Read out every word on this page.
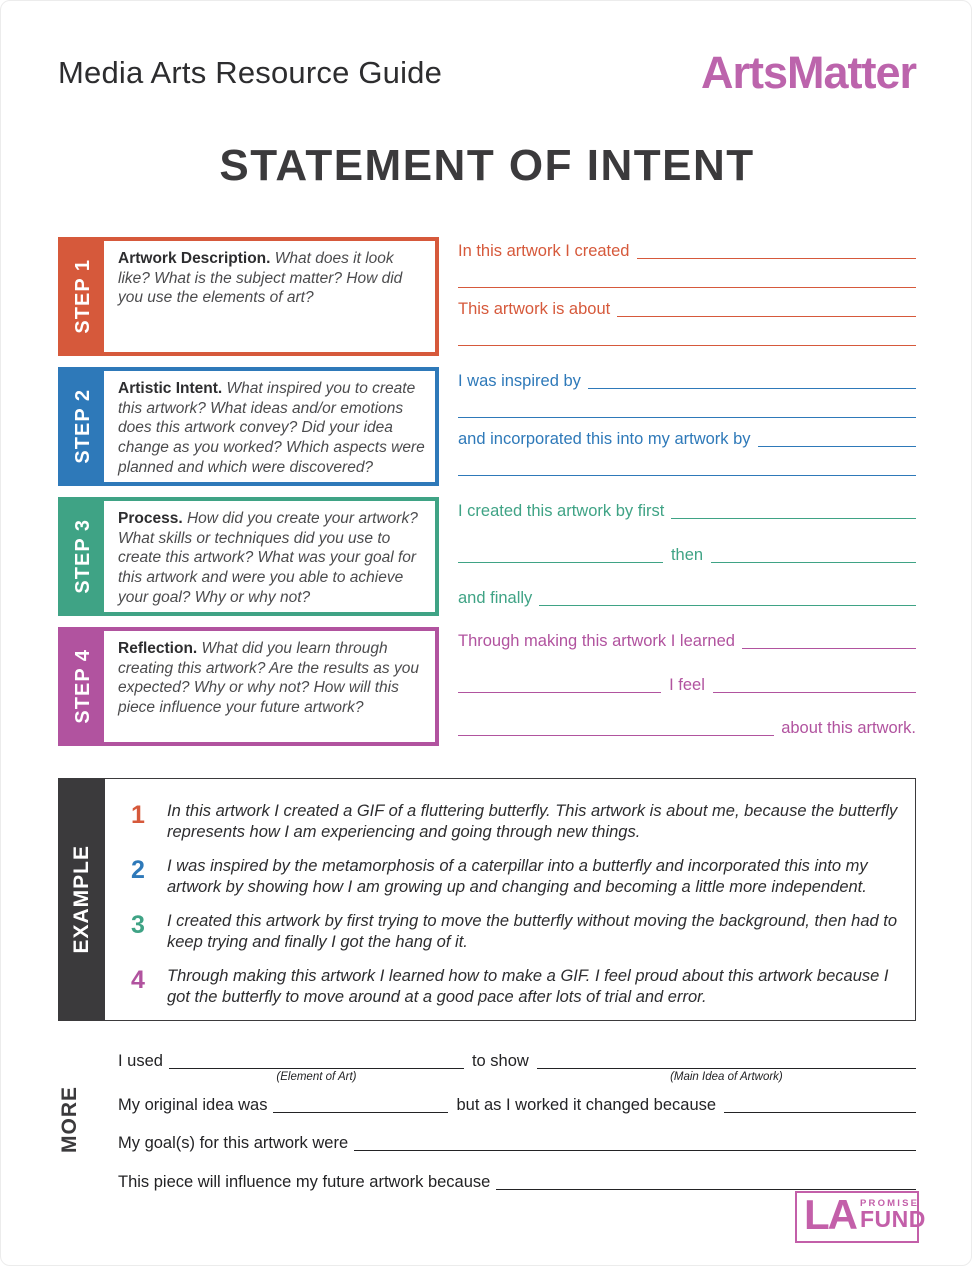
Media Arts Resource Guide	ArtsMatter
STATEMENT OF INTENT
STEP 1
Artwork Description. What does it look like? What is the subject matter? How did you use the elements of art?
In this artwork I created
This artwork is about
STEP 2
Artistic Intent. What inspired you to create this artwork? What ideas and/or emotions does this artwork convey? Did your idea change as you worked? Which aspects were planned and which were discovered?
I was inspired by
and incorporated this into my artwork by
STEP 3
Process. How did you create your artwork? What skills or techniques did you use to create this artwork? What was your goal for this artwork and were you able to achieve your goal? Why or why not?
I created this artwork by first
then
and finally
STEP 4
Reflection. What did you learn through creating this artwork? Are the results as you expected? Why or why not? How will this piece influence your future artwork?
Through making this artwork I learned
I feel
about this artwork.
EXAMPLE
1	In this artwork I created a GIF of a fluttering butterfly. This artwork is about me, because the butterfly represents how I am experiencing and going through new things.
2	I was inspired by the metamorphosis of a caterpillar into a butterfly and incorporated this into my artwork by showing how I am growing up and changing and becoming a little more independent.
3	I created this artwork by first trying to move the butterfly without moving the background, then had to keep trying and finally I got the hang of it.
4	Through making this artwork I learned how to make a GIF. I feel proud about this artwork because I got the butterfly to move around at a good pace after lots of trial and error.
MORE
I used
(Element of Art)
to show
(Main Idea of Artwork)
My original idea was	but as I worked it changed because
My goal(s) for this artwork were
This piece will influence my future artwork because
LA PROMISE
FUND
